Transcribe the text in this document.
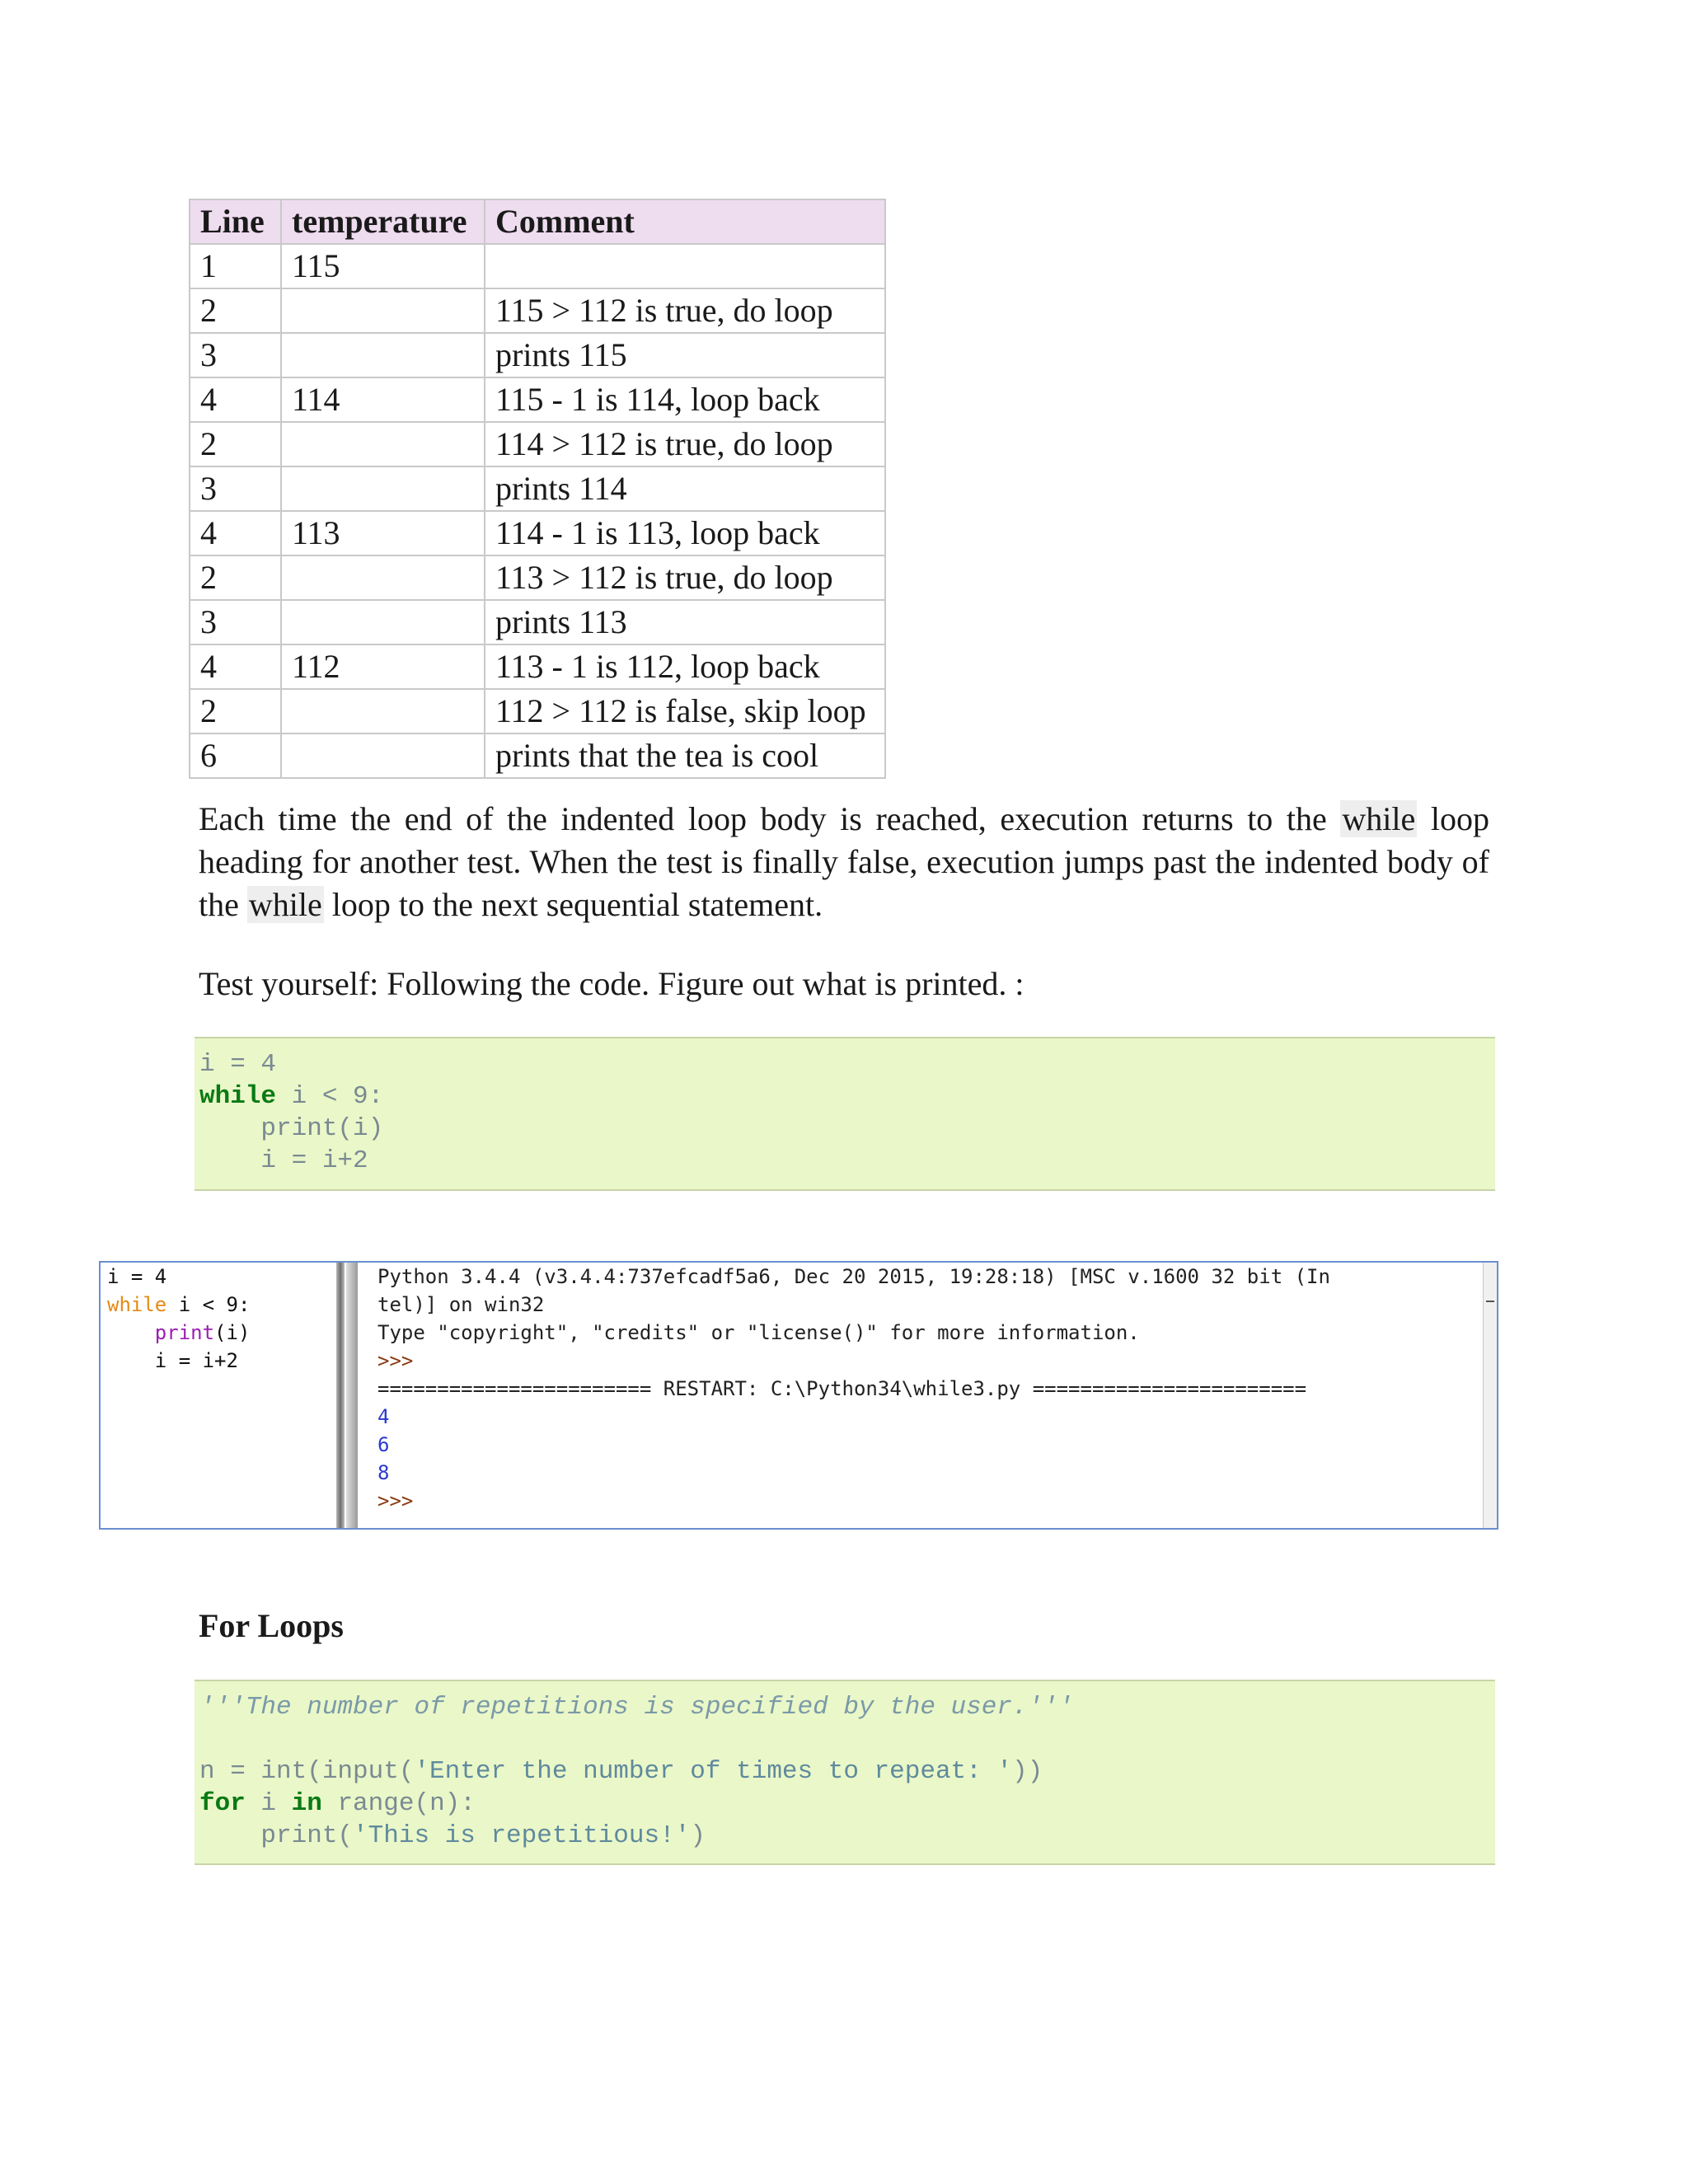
Line	temperature	Comment
1	115	
2		115 > 112 is true, do loop
3		prints 115
4	114	115 - 1 is 114, loop back
2		114 > 112 is true, do loop
3		prints 114
4	113	114 - 1 is 113, loop back
2		113 > 112 is true, do loop
3		prints 113
4	112	113 - 1 is 112, loop back
2		112 > 112 is false, skip loop
6		prints that the tea is cool

Each time the end of the indented loop body is reached, execution returns to the while loop heading for another test. When the test is finally false, execution jumps past the indented body of the while loop to the next sequential statement.

Test yourself: Following the code. Figure out what is printed. :

i = 4
while i < 9:
print(i)
i = i+2
i = 4
while i < 9:
print(i)
i = i+2
Python 3.4.4 (v3.4.4:737efcadf5a6, Dec 20 2015, 19:28:18) [MSC v.1600 32 bit (In
tel)] on win32
Type "copyright", "credits" or "license()" for more information.
>>>
======================= RESTART: C:\Python34\while3.py =======================
4
6
8
>>>
For Loops
'''The number of repetitions is specified by the user.'''
n = int(input('Enter the number of times to repeat: '))
for i in range(n):
print('This is repetitious!')
